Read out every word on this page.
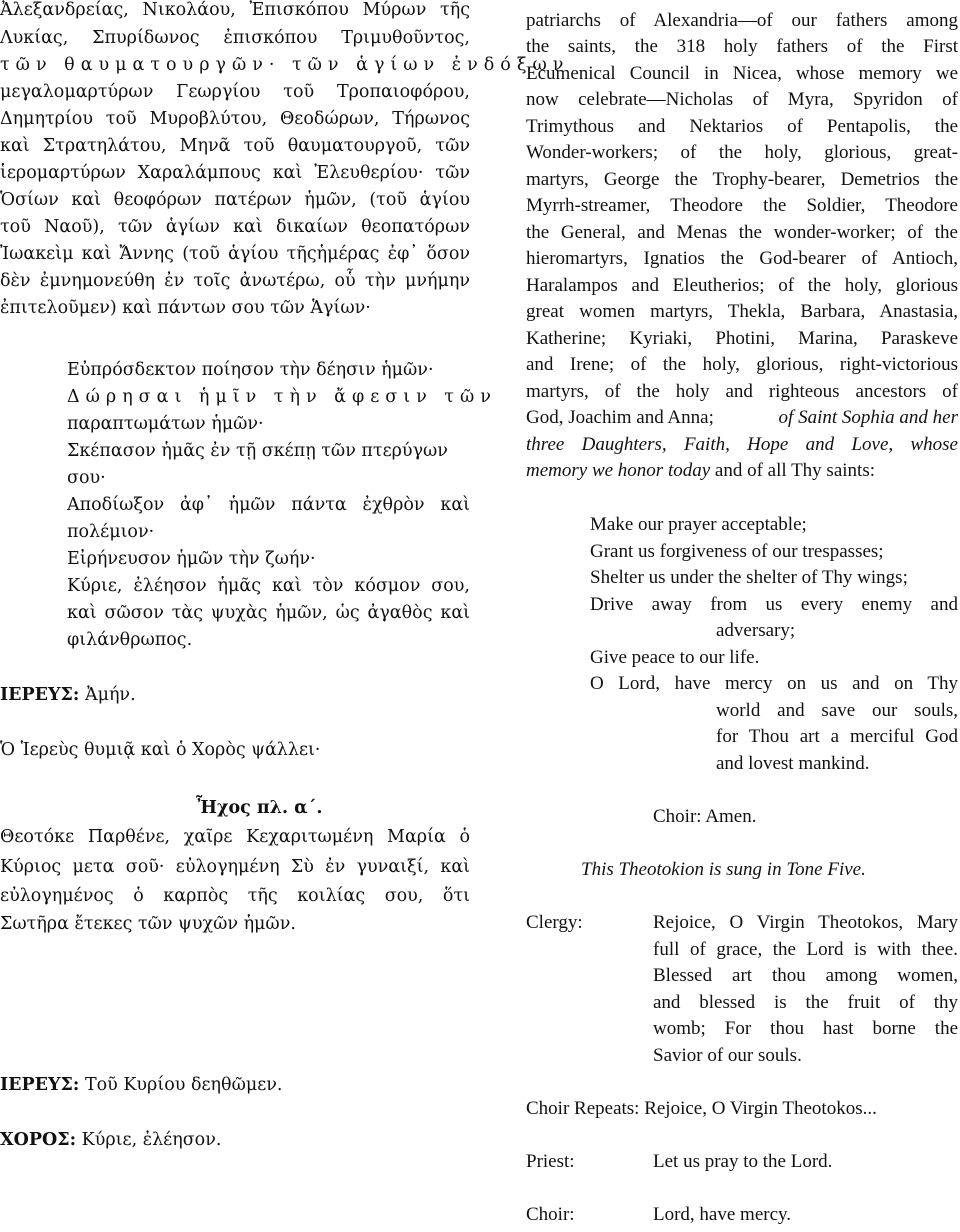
Ἀλεξανδρείας, Νικολάου, Ἐπισκόπου Μύρων τῆς
Λυκίας, Σπυρίδωνος ἐπισκόπου Τριμυθοῦντος,
τῶν θαυματουργῶν· τῶν ἁγίων ἐνδόξων
μεγαλομαρτύρων Γεωργίου τοῦ Τροπαιοφόρου,
Δημητρίου τοῦ Μυροβλύτου, Θεοδώρων, Τήρωνος
καὶ Στρατηλάτου, Μηνᾶ τοῦ θαυματουργοῦ, τῶν
ἱερομαρτύρων Χαραλάμπους καὶ Ἐλευθερίου· τῶν
Ὁσίων καὶ θεοφόρων πατέρων ἡμῶν, (τοῦ ἁγίου
τοῦ Ναοῦ), τῶν ἁγίων καὶ δικαίων θεοπατόρων
Ἰωακεὶμ καὶ Ἄννης (τοῦ ἁγίου τῆςἡμέρας ἐφ᾽ ὅσον
δὲν ἐμνημονεύθη ἐν τοῖς ἀνωτέρω, οὗ τὴν μνήμην
ἐπιτελοῦμεν) καὶ πάντων σου τῶν Ἁγίων·
Εὐπρόσδεκτον ποίησον τὴν δέησιν ἡμῶν·
Δώρησαι ἡμῖν τὴν ἄφεσιν τῶν
παραπτωμάτων ἡμῶν·
Σκέπασον ἡμᾶς ἐν τῇ σκέπῃ τῶν πτερύγων
σου·
Αποδίωξον ἀφ᾽ ἡμῶν πάντα ἐχθρὸν καὶ
πολέμιον·
Εἰρήνευσον ἡμῶν τὴν ζωήν·
Κύριε, ἐλέησον ἡμᾶς καὶ τὸν κόσμον σου,
καὶ σῶσον τὰς ψυχὰς ἡμῶν, ὡς ἀγαθὸς καὶ
φιλάνθρωπος.
ΙΕΡΕΥΣ: Ἀμήν.
Ὁ Ἱερεὺς θυμιᾷ καὶ ὁ Χορὸς ψάλλει·
Ἦχος πλ. α΄.
Θεοτόκε Παρθένε, χαῖρε Κεχαριτωμένη Μαρία ὁ
Κύριος μετα σοῦ· εὐλογημένη Σὺ ἐν γυναιξί, καὶ
εὐλογημένος ὁ καρπὸς τῆς κοιλίας σου, ὅτι
Σωτῆρα ἔτεκες τῶν ψυχῶν ἡμῶν.
ΙΕΡΕΥΣ: Τοῦ Κυρίου δεηθῶμεν.
ΧΟΡΟΣ: Κύριε, ἐλέησον.
patriarchs of Alexandria—of our fathers among
the saints, the 318 holy fathers of the First
Ecumenical Council in Nicea, whose memory we
now celebrate—Nicholas of Myra, Spyridon of
Trimythous and Nektarios of Pentapolis, the
Wonder-workers; of the holy, glorious, great-
martyrs, George the Trophy-bearer, Demetrios the
Myrrh-streamer, Theodore the Soldier, Theodore
the General, and Menas the wonder-worker; of the
hieromartyrs, Ignatios the God-bearer of Antioch,
Haralampos and Eleutherios; of the holy, glorious
great women martyrs, Thekla, Barbara, Anastasia,
Katherine; Kyriaki, Photini, Marina, Paraskeve
and Irene; of the holy, glorious, right-victorious
martyrs, of the holy and righteous ancestors of
God, Joachim and Anna;	of Saint Sophia and her
three Daughters, Faith, Hope and Love, whose
memory we honor today and of all Thy saints:
Make our prayer acceptable;
Grant us forgiveness of our trespasses;
Shelter us under the shelter of Thy wings;
Drive away from us every enemy and
adversary;
Give peace to our life.
O Lord, have mercy on us and on Thy
world and save our souls,
for Thou art a merciful God
and lovest mankind.
Choir: Amen.
This Theotokion is sung in Tone Five.
Clergy:	Rejoice, O Virgin Theotokos, Mary
full of grace, the Lord is with thee.
Blessed art thou among women,
and blessed is the fruit of thy
womb; For thou hast borne the
Savior of our souls.
Choir Repeats: Rejoice, O Virgin Theotokos...
Priest:	Let us pray to the Lord.
Choir:	Lord, have mercy.
